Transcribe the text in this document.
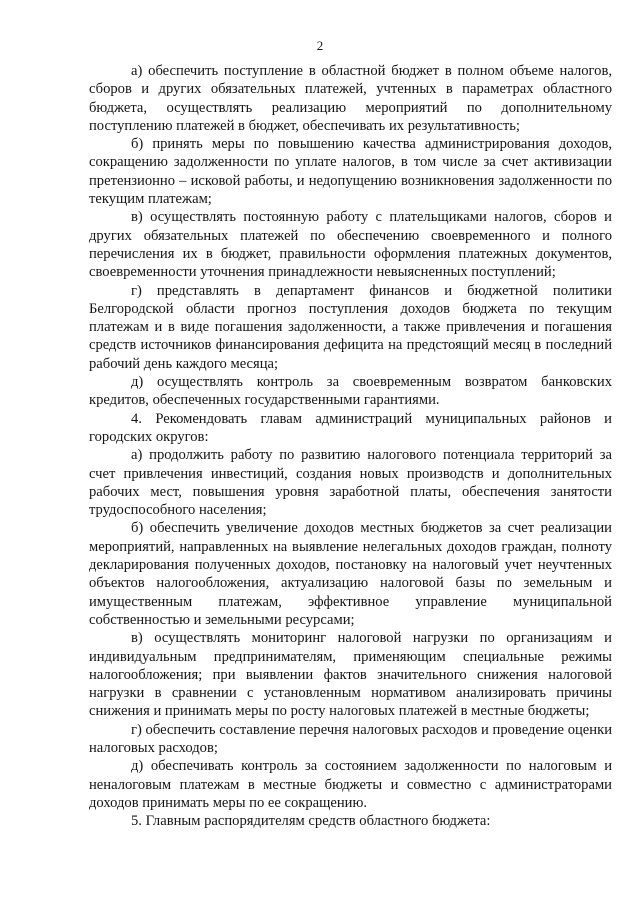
2

а) обеспечить поступление в областной бюджет в полном объеме налогов, сборов и других обязательных платежей, учтенных в параметрах областного бюджета, осуществлять реализацию мероприятий по дополнительному поступлению платежей в бюджет, обеспечивать их результативность;

б) принять меры по повышению качества администрирования доходов, сокращению задолженности по уплате налогов, в том числе за счет активизации претензионно – исковой работы, и недопущению возникновения задолженности по текущим платежам;

в) осуществлять постоянную работу с плательщиками налогов, сборов и других обязательных платежей по обеспечению своевременного и полного перечисления их в бюджет, правильности оформления платежных документов, своевременности уточнения принадлежности невыясненных поступлений;

г) представлять в департамент финансов и бюджетной политики Белгородской области прогноз поступления доходов бюджета по текущим платежам и в виде погашения задолженности, а также привлечения и погашения средств источников финансирования дефицита на предстоящий месяц в последний рабочий день каждого месяца;

д) осуществлять контроль за своевременным возвратом банковских кредитов, обеспеченных государственными гарантиями.

4. Рекомендовать главам администраций муниципальных районов и городских округов:

а) продолжить работу по развитию налогового потенциала территорий за счет привлечения инвестиций, создания новых производств и дополнительных рабочих мест, повышения уровня заработной платы, обеспечения занятости трудоспособного населения;

б) обеспечить увеличение доходов местных бюджетов за счет реализации мероприятий, направленных на выявление нелегальных доходов граждан, полноту декларирования полученных доходов, постановку на налоговый учет неучтенных объектов налогообложения, актуализацию налоговой базы по земельным и имущественным платежам, эффективное управление муниципальной собственностью и земельными ресурсами;

в) осуществлять мониторинг налоговой нагрузки по организациям и индивидуальным предпринимателям, применяющим специальные режимы налогообложения; при выявлении фактов значительного снижения налоговой нагрузки в сравнении с установленным нормативом анализировать причины снижения и принимать меры по росту налоговых платежей в местные бюджеты;

г) обеспечить составление перечня налоговых расходов и проведение оценки налоговых расходов;

д) обеспечивать контроль за состоянием задолженности по налоговым и неналоговым платежам в местные бюджеты и совместно с администраторами доходов принимать меры по ее сокращению.

5. Главным распорядителям средств областного бюджета:
